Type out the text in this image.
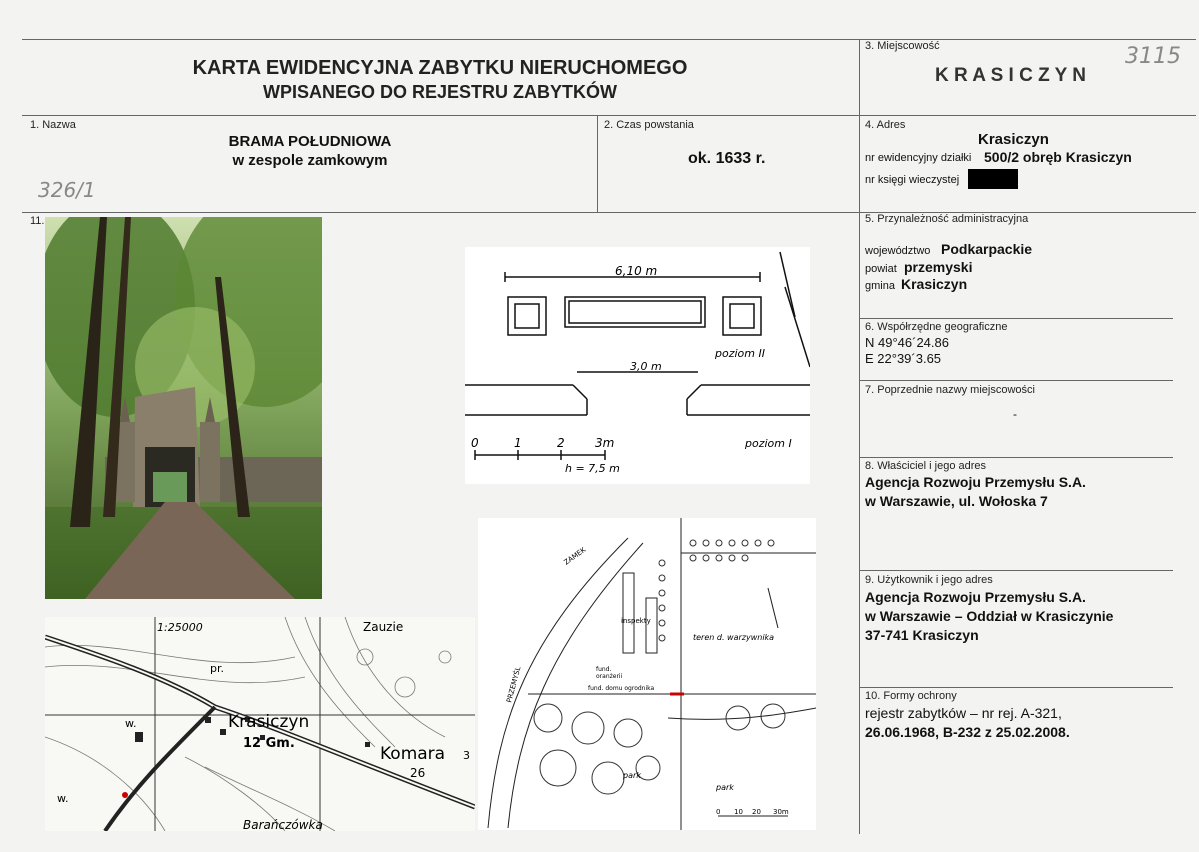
KARTA EWIDENCYJNA ZABYTKU NIERUCHOMEGO
WPISANEGO DO REJESTRU ZABYTKÓW
3. Miejscowość
K R A S I C Z Y N
3115
1. Nazwa
BRAMA POŁUDNIOWA
w zespole zamkowym
326/1
2. Czas powstania
ok. 1633 r.
4. Adres
Krasiczyn
nr ewidencyjny działki 500/2 obręb Krasiczyn
nr księgi wieczystej
5. Przynależność administracyjna
województwo Podkarpackie
powiat przemyski
gmina Krasiczyn
6. Współrzędne geograficzne
N 49°46´24.86
E 22°39´3.65
7. Poprzednie nazwy miejscowości
-
8. Właściciel i jego adres
Agencja Rozwoju Przemysłu S.A.
w Warszawie, ul. Wołoska 7
9. Użytkownik i jego adres
Agencja Rozwoju Przemysłu S.A.
w Warszawie – Oddział w Krasiczynie
37-741 Krasiczyn
10. Formy ochrony
rejestr zabytków – nr rej. A-321,
26.06.1968, B-232 z 25.02.2008.
11.
6,10 m
3,0 m
poziom II
poziom I
0	1	2	3m
h = 7,5 m
ZAMEK
PRZEMYŚL
inspekty
fund.
oranżerii
fund. domu ogrodnika
teren d. warzywnika
park
park
0 10 20 30m
1:25000	Zauzie
Krasiczyn
12 Gm.
Komara 3
26
Barańczówka
pr.
w.
w.
